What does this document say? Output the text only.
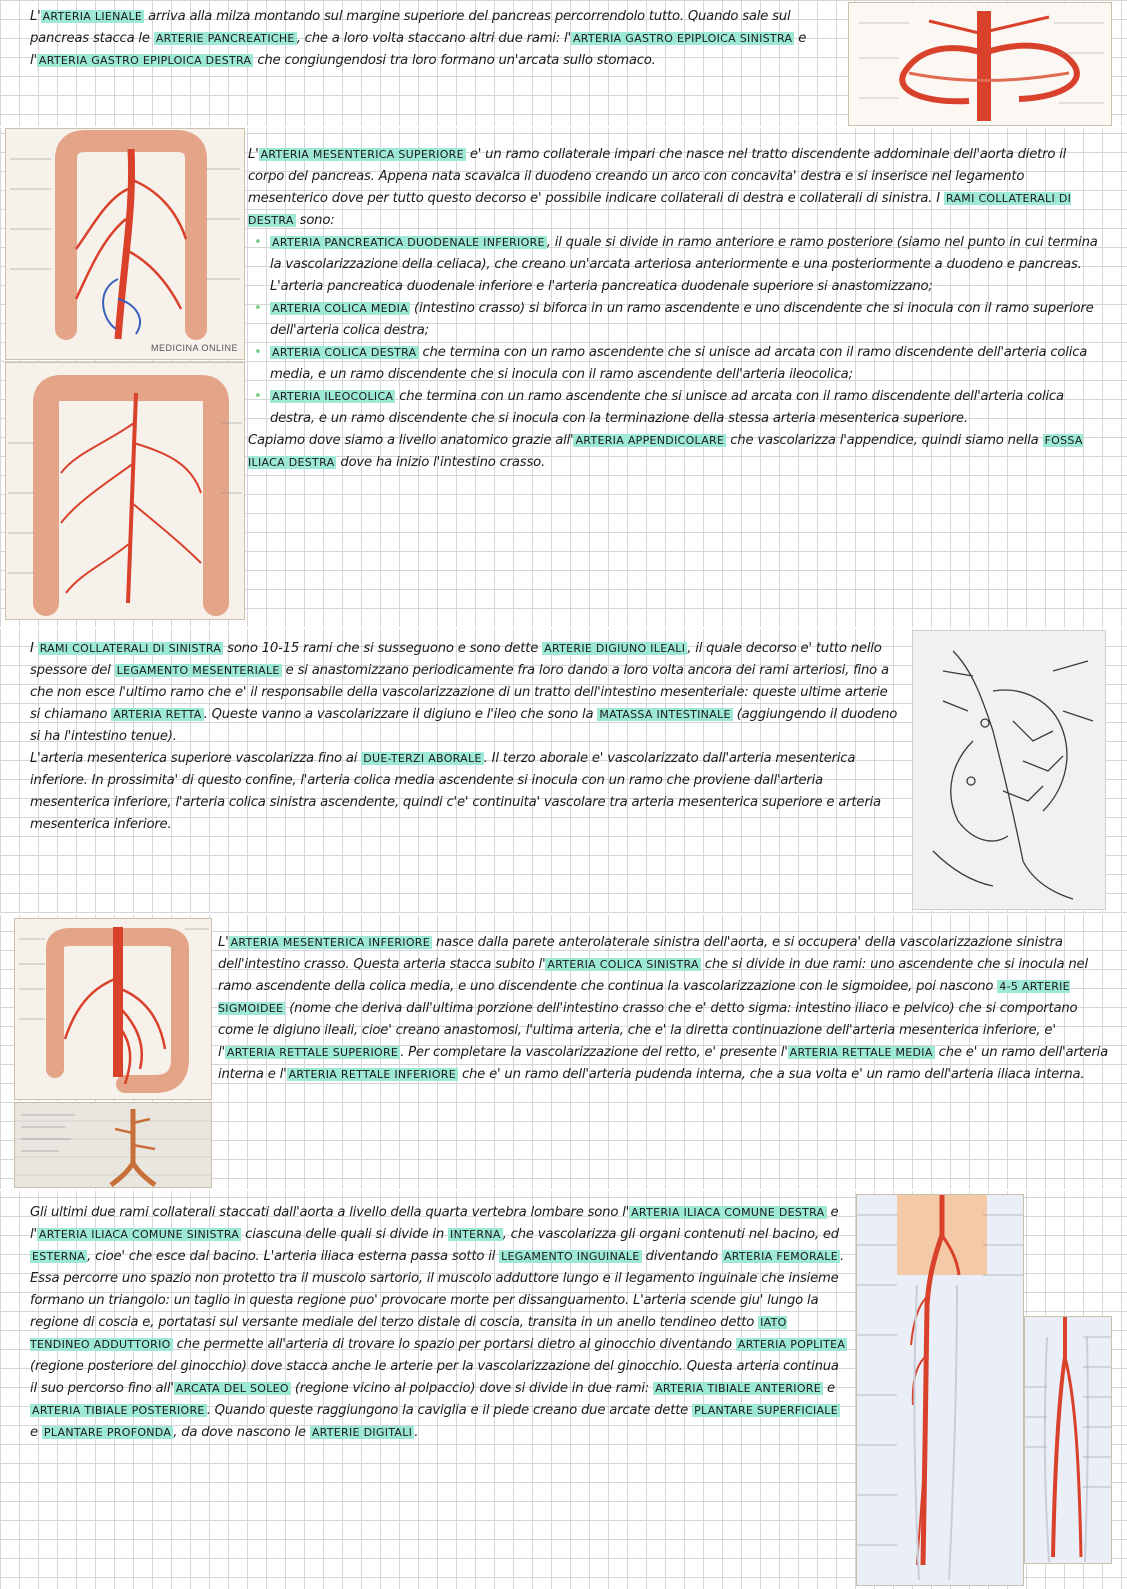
L' ARTERIA LIENALE arriva alla milza montando sul margine superiore del pancreas percorrendolo tutto. Quando sale sul pancreas stacca le ARTERIE PANCREATICHE , che a loro volta staccano altri due rami: l' ARTERIA GASTRO EPIPLOICA SINISTRA e l' ARTERIA GASTRO EPIPLOICA DESTRA che congiungendosi tra loro formano un'arcata sullo stomaco.

MEDICINA ONLINE

L' ARTERIA MESENTERICA SUPERIORE e' un ramo collaterale impari che nasce nel tratto discendente addominale dell'aorta dietro il corpo del pancreas. Appena nata scavalca il duodeno creando un arco con concavita' destra e si inserisce nel legamento mesenterico dove per tutto questo decorso e' possibile indicare collaterali di destra e collaterali di sinistra. I RAMI COLLATERALI DI DESTRA sono:

• ARTERIA PANCREATICA DUODENALE INFERIORE , il quale si divide in ramo anteriore e ramo posteriore (siamo nel punto in cui termina la vascolarizzazione della celiaca), che creano un'arcata arteriosa anteriormente e una posteriormente a duodeno e pancreas. L'arteria pancreatica duodenale inferiore e l'arteria pancreatica duodenale superiore si anastomizzano;
• ARTERIA COLICA MEDIA (intestino crasso) si biforca in un ramo ascendente e uno discendente che si inocula con il ramo superiore dell'arteria colica destra;
• ARTERIA COLICA DESTRA che termina con un ramo ascendente che si unisce ad arcata con il ramo discendente dell'arteria colica media, e un ramo discendente che si inocula con il ramo ascendente dell'arteria ileocolica;
• ARTERIA ILEOCOLICA che termina con un ramo ascendente che si unisce ad arcata con il ramo discendente dell'arteria colica destra, e un ramo discendente che si inocula con la terminazione della stessa arteria mesenterica superiore.

Capiamo dove siamo a livello anatomico grazie all' ARTERIA APPENDICOLARE che vascolarizza l'appendice, quindi siamo nella FOSSA ILIACA DESTRA dove ha inizio l'intestino crasso.

I RAMI COLLATERALI DI SINISTRA sono 10-15 rami che si susseguono e sono dette ARTERIE DIGIUNO ILEALI , il quale decorso e' tutto nello spessore del LEGAMENTO MESENTERIALE e si anastomizzano periodicamente fra loro dando a loro volta ancora dei rami arteriosi, fino a che non esce l'ultimo ramo che e' il responsabile della vascolarizzazione di un tratto dell'intestino mesenteriale: queste ultime arterie si chiamano ARTERIA RETTA . Queste vanno a vascolarizzare il digiuno e l'ileo che sono la MATASSA INTESTINALE (aggiungendo il duodeno si ha l'intestino tenue).

L'arteria mesenterica superiore vascolarizza fino ai DUE-TERZI ABORALE . Il terzo aborale e' vascolarizzato dall'arteria mesenterica inferiore. In prossimita' di questo confine, l'arteria colica media ascendente si inocula con un ramo che proviene dall'arteria mesenterica inferiore, l'arteria colica sinistra ascendente, quindi c'e' continuita' vascolare tra arteria mesenterica superiore e arteria mesenterica inferiore.

L' ARTERIA MESENTERICA INFERIORE nasce dalla parete anterolaterale sinistra dell'aorta, e si occupera' della vascolarizzazione sinistra dell'intestino crasso. Questa arteria stacca subito l' ARTERIA COLICA SINISTRA che si divide in due rami: uno ascendente che si inocula nel ramo ascendente della colica media, e uno discendente che continua la vascolarizzazione con le sigmoidee, poi nascono 4-5 ARTERIE SIGMOIDEE (nome che deriva dall'ultima porzione dell'intestino crasso che e' detto sigma: intestino iliaco e pelvico) che si comportano come le digiuno ileali, cioe' creano anastomosi, l'ultima arteria, che e' la diretta continuazione dell'arteria mesenterica inferiore, e' l' ARTERIA RETTALE SUPERIORE . Per completare la vascolarizzazione del retto, e' presente l' ARTERIA RETTALE MEDIA che e' un ramo dell'arteria interna e l' ARTERIA RETTALE INFERIORE che e' un ramo dell'arteria pudenda interna, che a sua volta e' un ramo dell'arteria iliaca interna.

Gli ultimi due rami collaterali staccati dall'aorta a livello della quarta vertebra lombare sono l' ARTERIA ILIACA COMUNE DESTRA e l' ARTERIA ILIACA COMUNE SINISTRA ciascuna delle quali si divide in INTERNA , che vascolarizza gli organi contenuti nel bacino, ed ESTERNA , cioe' che esce dal bacino. L'arteria iliaca esterna passa sotto il LEGAMENTO INGUINALE diventando ARTERIA FEMORALE . Essa percorre uno spazio non protetto tra il muscolo sartorio, il muscolo adduttore lungo e il legamento inguinale che insieme formano un triangolo: un taglio in questa regione puo' provocare morte per dissanguamento. L'arteria scende giu' lungo la regione di coscia e, portatasi sul versante mediale del terzo distale di coscia, transita in un anello tendineo detto IATO TENDINEO ADDUTTORIO che permette all'arteria di trovare lo spazio per portarsi dietro al ginocchio diventando ARTERIA POPLITEA (regione posteriore del ginocchio) dove stacca anche le arterie per la vascolarizzazione del ginocchio. Questa arteria continua il suo percorso fino all' ARCATA DEL SOLEO (regione vicino al polpaccio) dove si divide in due rami: ARTERIA TIBIALE ANTERIORE e ARTERIA TIBIALE POSTERIORE . Quando queste raggiungono la caviglia e il piede creano due arcate dette PLANTARE SUPERFICIALE e PLANTARE PROFONDA , da dove nascono le ARTERIE DIGITALI .
